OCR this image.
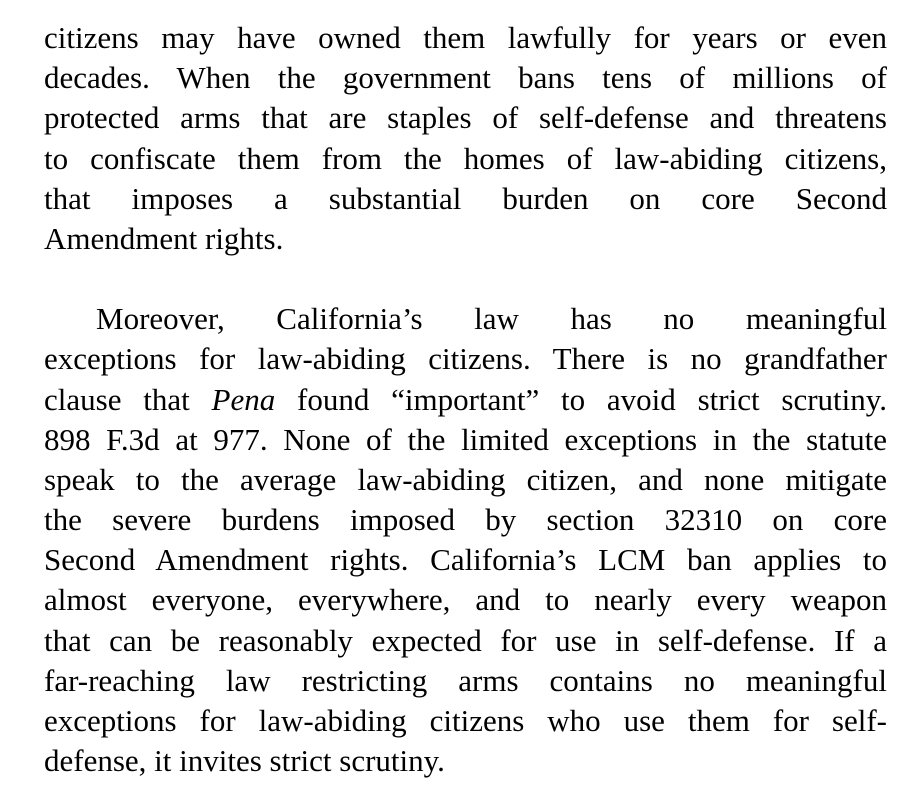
citizens may have owned them lawfully for years or even
decades. When the government bans tens of millions of
protected arms that are staples of self-defense and threatens
to confiscate them from the homes of law-abiding citizens,
that imposes a substantial burden on core Second
Amendment rights.
Moreover, California’s law has no meaningful
exceptions for law-abiding citizens. There is no grandfather
clause that Pena found “important” to avoid strict scrutiny.
898 F.3d at 977. None of the limited exceptions in the statute
speak to the average law-abiding citizen, and none mitigate
the severe burdens imposed by section 32310 on core
Second Amendment rights. California’s LCM ban applies to
almost everyone, everywhere, and to nearly every weapon
that can be reasonably expected for use in self-defense. If a
far-reaching law restricting arms contains no meaningful
exceptions for law-abiding citizens who use them for self-
defense, it invites strict scrutiny.
